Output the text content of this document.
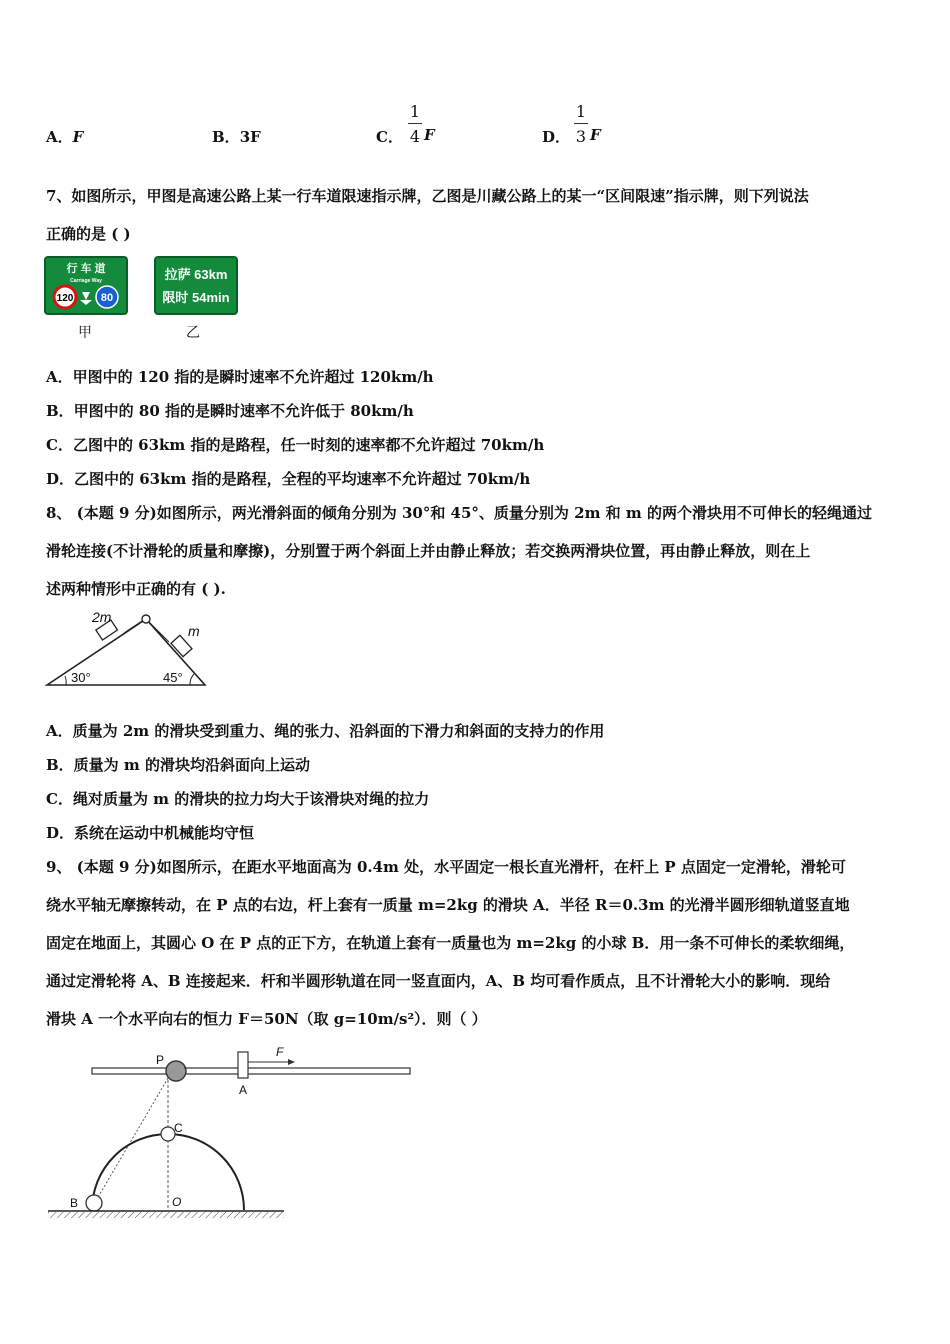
A．F	B．3F	C．
1
4 F	D．
1
3 F
7、如图所示，甲图是高速公路上某一行车道限速指示牌，乙图是川藏公路上的某一“区间限速”指示牌，则下列说法
正确的是 ( )
行 车 道
Carriage Way
120	80
甲
拉萨 63km
限时 54min
乙
A．甲图中的 120 指的是瞬时速率不允许超过 120km/h
B．甲图中的 80 指的是瞬时速率不允许低于 80km/h
C．乙图中的 63km 指的是路程，任一时刻的速率都不允许超过 70km/h
D．乙图中的 63km 指的是路程，全程的平均速率不允许超过 70km/h
8、 (本题 9 分)如图所示，两光滑斜面的倾角分别为 30°和 45°、质量分别为 2m 和 m 的两个滑块用不可伸长的轻绳通过
滑轮连接(不计滑轮的质量和摩擦)，分别置于两个斜面上并由静止释放；若交换两滑块位置，再由静止释放，则在上
述两种情形中正确的有 ( ).
2m
m
30°	45°
A．质量为 2m 的滑块受到重力、绳的张力、沿斜面的下滑力和斜面的支持力的作用
B．质量为 m 的滑块均沿斜面向上运动
C．绳对质量为 m 的滑块的拉力均大于该滑块对绳的拉力
D．系统在运动中机械能均守恒
9、 (本题 9 分)如图所示，在距水平地面高为 0.4m 处，水平固定一根长直光滑杆，在杆上 P 点固定一定滑轮，滑轮可
绕水平轴无摩擦转动，在 P 点的右边，杆上套有一质量 m=2kg 的滑块 A．半径 R＝0.3m 的光滑半圆形细轨道竖直地
固定在地面上，其圆心 O 在 P 点的正下方，在轨道上套有一质量也为 m=2kg 的小球 B．用一条不可伸长的柔软细绳，
通过定滑轮将 A、B 连接起来．杆和半圆形轨道在同一竖直面内，A、B 均可看作质点，且不计滑轮大小的影响．现给
滑块 A 一个水平向右的恒力 F＝50N（取 g=10m/s²）．则（ ）
F
P
A
C
B	O
